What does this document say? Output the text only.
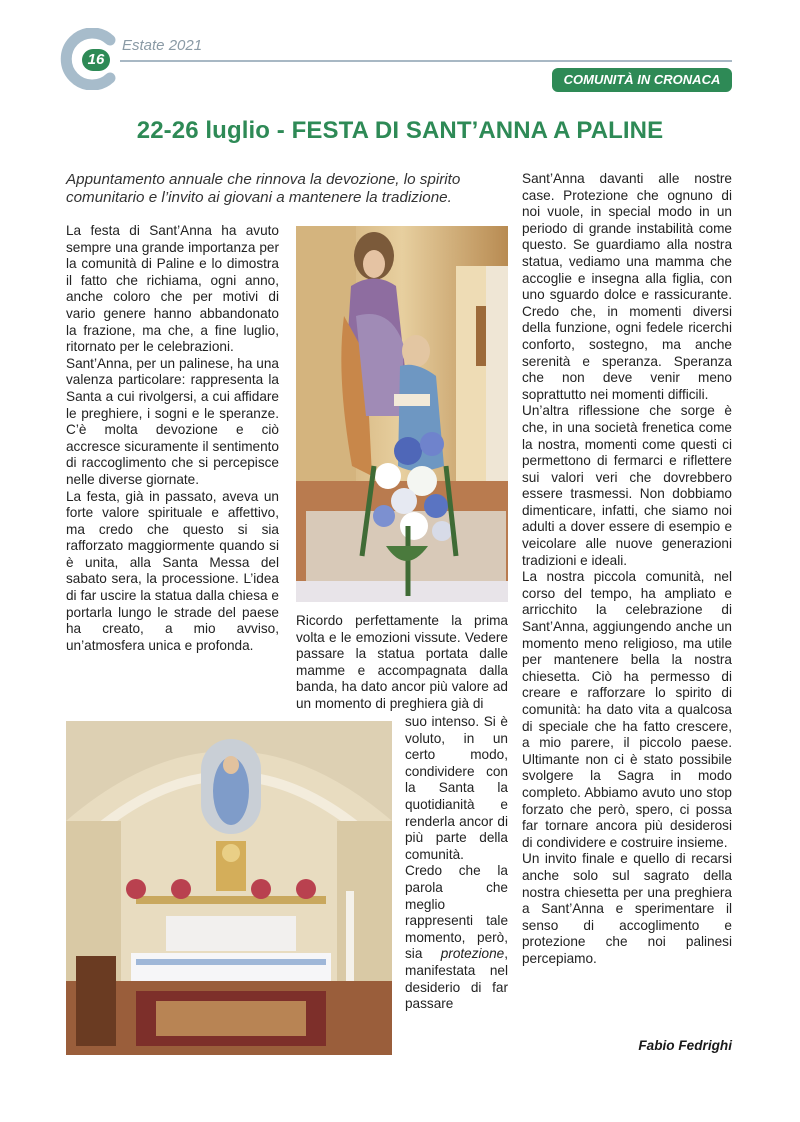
16
Estate 2021
COMUNITÀ IN CRONACA
22-26 luglio - FESTA DI SANT’ANNA A PALINE
Appuntamento annuale che rinnova la devozione, lo spirito comunitario e l’invito ai giovani a mantenere la tradizione.

La festa di Sant’Anna ha avuto sempre una grande importanza per la comunità di Paline e lo dimostra il fatto che richiama, ogni anno, anche coloro che per motivi di vario genere hanno abbandonato la frazione, ma che, a fine luglio, ritornato per le celebrazioni.

Sant’Anna, per un palinese, ha una valenza particolare: rappresenta la Santa a cui rivolgersi, a cui affidare le preghiere, i sogni e le speranze. C’è molta devozione e ciò accresce sicuramente il sentimento di raccoglimento che si percepisce nelle diverse giornate.

La festa, già in passato, aveva un forte valore spirituale e affettivo, ma credo che questo si sia rafforzato maggiormente quando si è unita, alla Santa Messa del sabato sera, la processione. L’idea di far uscire la statua dalla chiesa e portarla lungo le strade del paese ha creato, a mio avviso, un’atmosfera unica e profonda.

Ricordo perfettamente la prima volta e le emozioni vissute. Vedere passare la statua portata dalle mamme e accompagnata dalla banda, ha dato ancor più valore ad un momento di preghiera già di

suo intenso. Si è voluto, in un certo modo, condividere con la Santa la quotidianità e renderla ancor di più parte della comunità.

Credo che la parola che meglio rappresenti tale momento, però, sia protezione, manifestata nel desiderio di far passare

Sant’Anna davanti alle nostre case. Protezione che ognuno di noi vuole, in special modo in un periodo di grande instabilità come questo. Se guardiamo alla nostra statua, vediamo una mamma che accoglie e insegna alla figlia, con uno sguardo dolce e rassicurante. Credo che, in momenti diversi della funzione, ogni fedele ricerchi conforto, sostegno, ma anche serenità e speranza. Speranza che non deve venir meno soprattutto nei momenti difficili.

Un’altra riflessione che sorge è che, in una società frenetica come la nostra, momenti come questi ci permettono di fermarci e riflettere sui valori veri che dovrebbero essere trasmessi. Non dobbiamo dimenticare, infatti, che siamo noi adulti a dover essere di esempio e veicolare alle nuove generazioni tradizioni e ideali.

La nostra piccola comunità, nel corso del tempo, ha ampliato e arricchito la celebrazione di Sant’Anna, aggiungendo anche un momento meno religioso, ma utile per mantenere bella la nostra chiesetta. Ciò ha permesso di creare e rafforzare lo spirito di comunità: ha dato vita a qualcosa di speciale che ha fatto crescere, a mio parere, il piccolo paese. Ultimante non ci è stato possibile svolgere la Sagra in modo completo. Abbiamo avuto uno stop forzato che però, spero, ci possa far tornare ancora più desiderosi di condividere e costruire insieme.

Un invito finale e quello di recarsi anche solo sul sagrato della nostra chiesetta per una preghiera a Sant’Anna e sperimentare il senso di accoglimento e protezione che noi palinesi percepiamo.

Fabio Fedrighi
